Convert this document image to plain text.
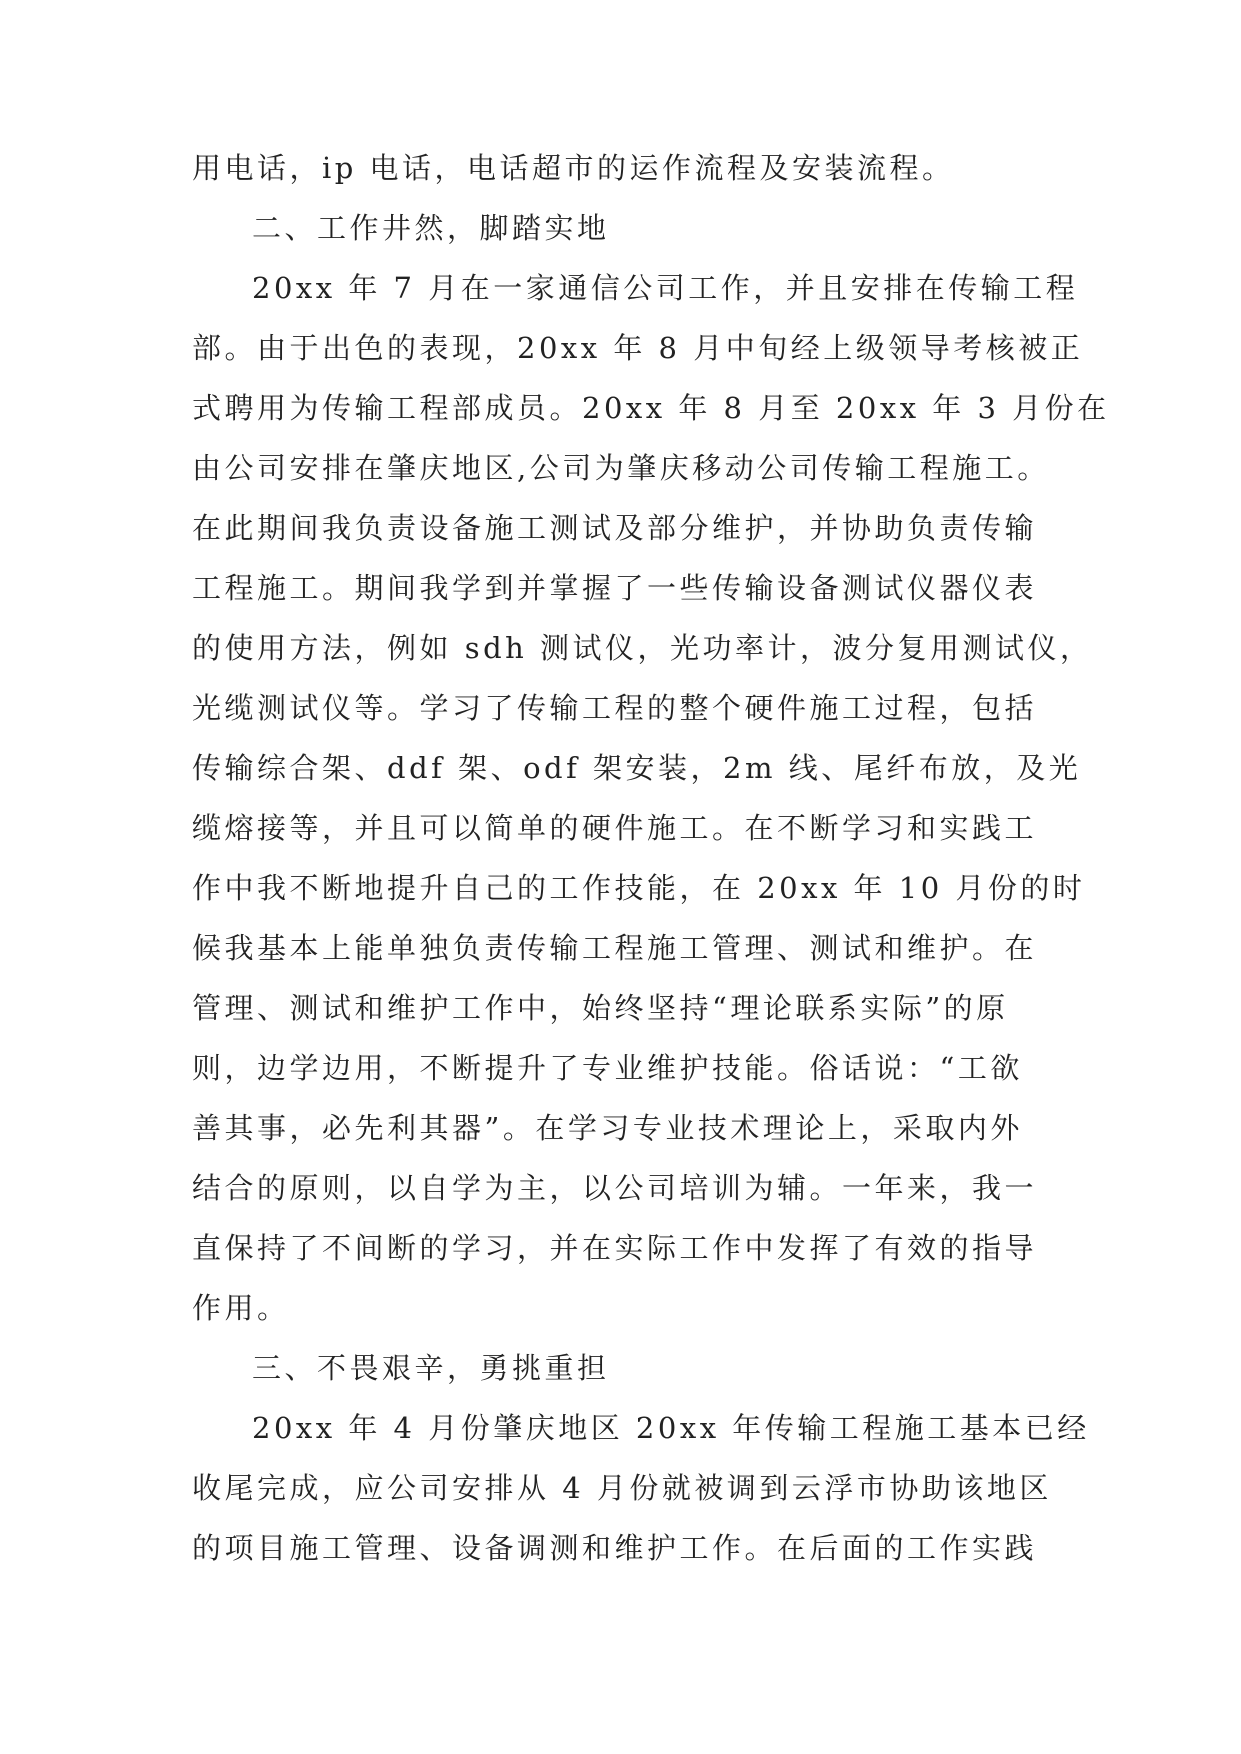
用电话，ip 电话，电话超市的运作流程及安装流程。

二、工作井然，脚踏实地

20xx 年 7 月在一家通信公司工作，并且安排在传输工程

部。由于出色的表现，20xx 年 8 月中旬经上级领导考核被正

式聘用为传输工程部成员。20xx 年 8 月至 20xx 年 3 月份在

由公司安排在肇庆地区,公司为肇庆移动公司传输工程施工。

在此期间我负责设备施工测试及部分维护，并协助负责传输

工程施工。期间我学到并掌握了一些传输设备测试仪器仪表

的使用方法，例如 sdh 测试仪，光功率计，波分复用测试仪，

光缆测试仪等。学习了传输工程的整个硬件施工过程，包括

传输综合架、ddf 架、odf 架安装，2m 线、尾纤布放，及光

缆熔接等，并且可以简单的硬件施工。在不断学习和实践工

作中我不断地提升自己的工作技能，在 20xx 年 10 月份的时

候我基本上能单独负责传输工程施工管理、测试和维护。在

管理、测试和维护工作中，始终坚持“理论联系实际”的原

则，边学边用，不断提升了专业维护技能。俗话说：“工欲

善其事，必先利其器”。在学习专业技术理论上，采取内外

结合的原则，以自学为主，以公司培训为辅。一年来，我一

直保持了不间断的学习，并在实际工作中发挥了有效的指导

作用。

三、不畏艰辛，勇挑重担

20xx 年 4 月份肇庆地区 20xx 年传输工程施工基本已经

收尾完成，应公司安排从 4 月份就被调到云浮市协助该地区

的项目施工管理、设备调测和维护工作。在后面的工作实践
